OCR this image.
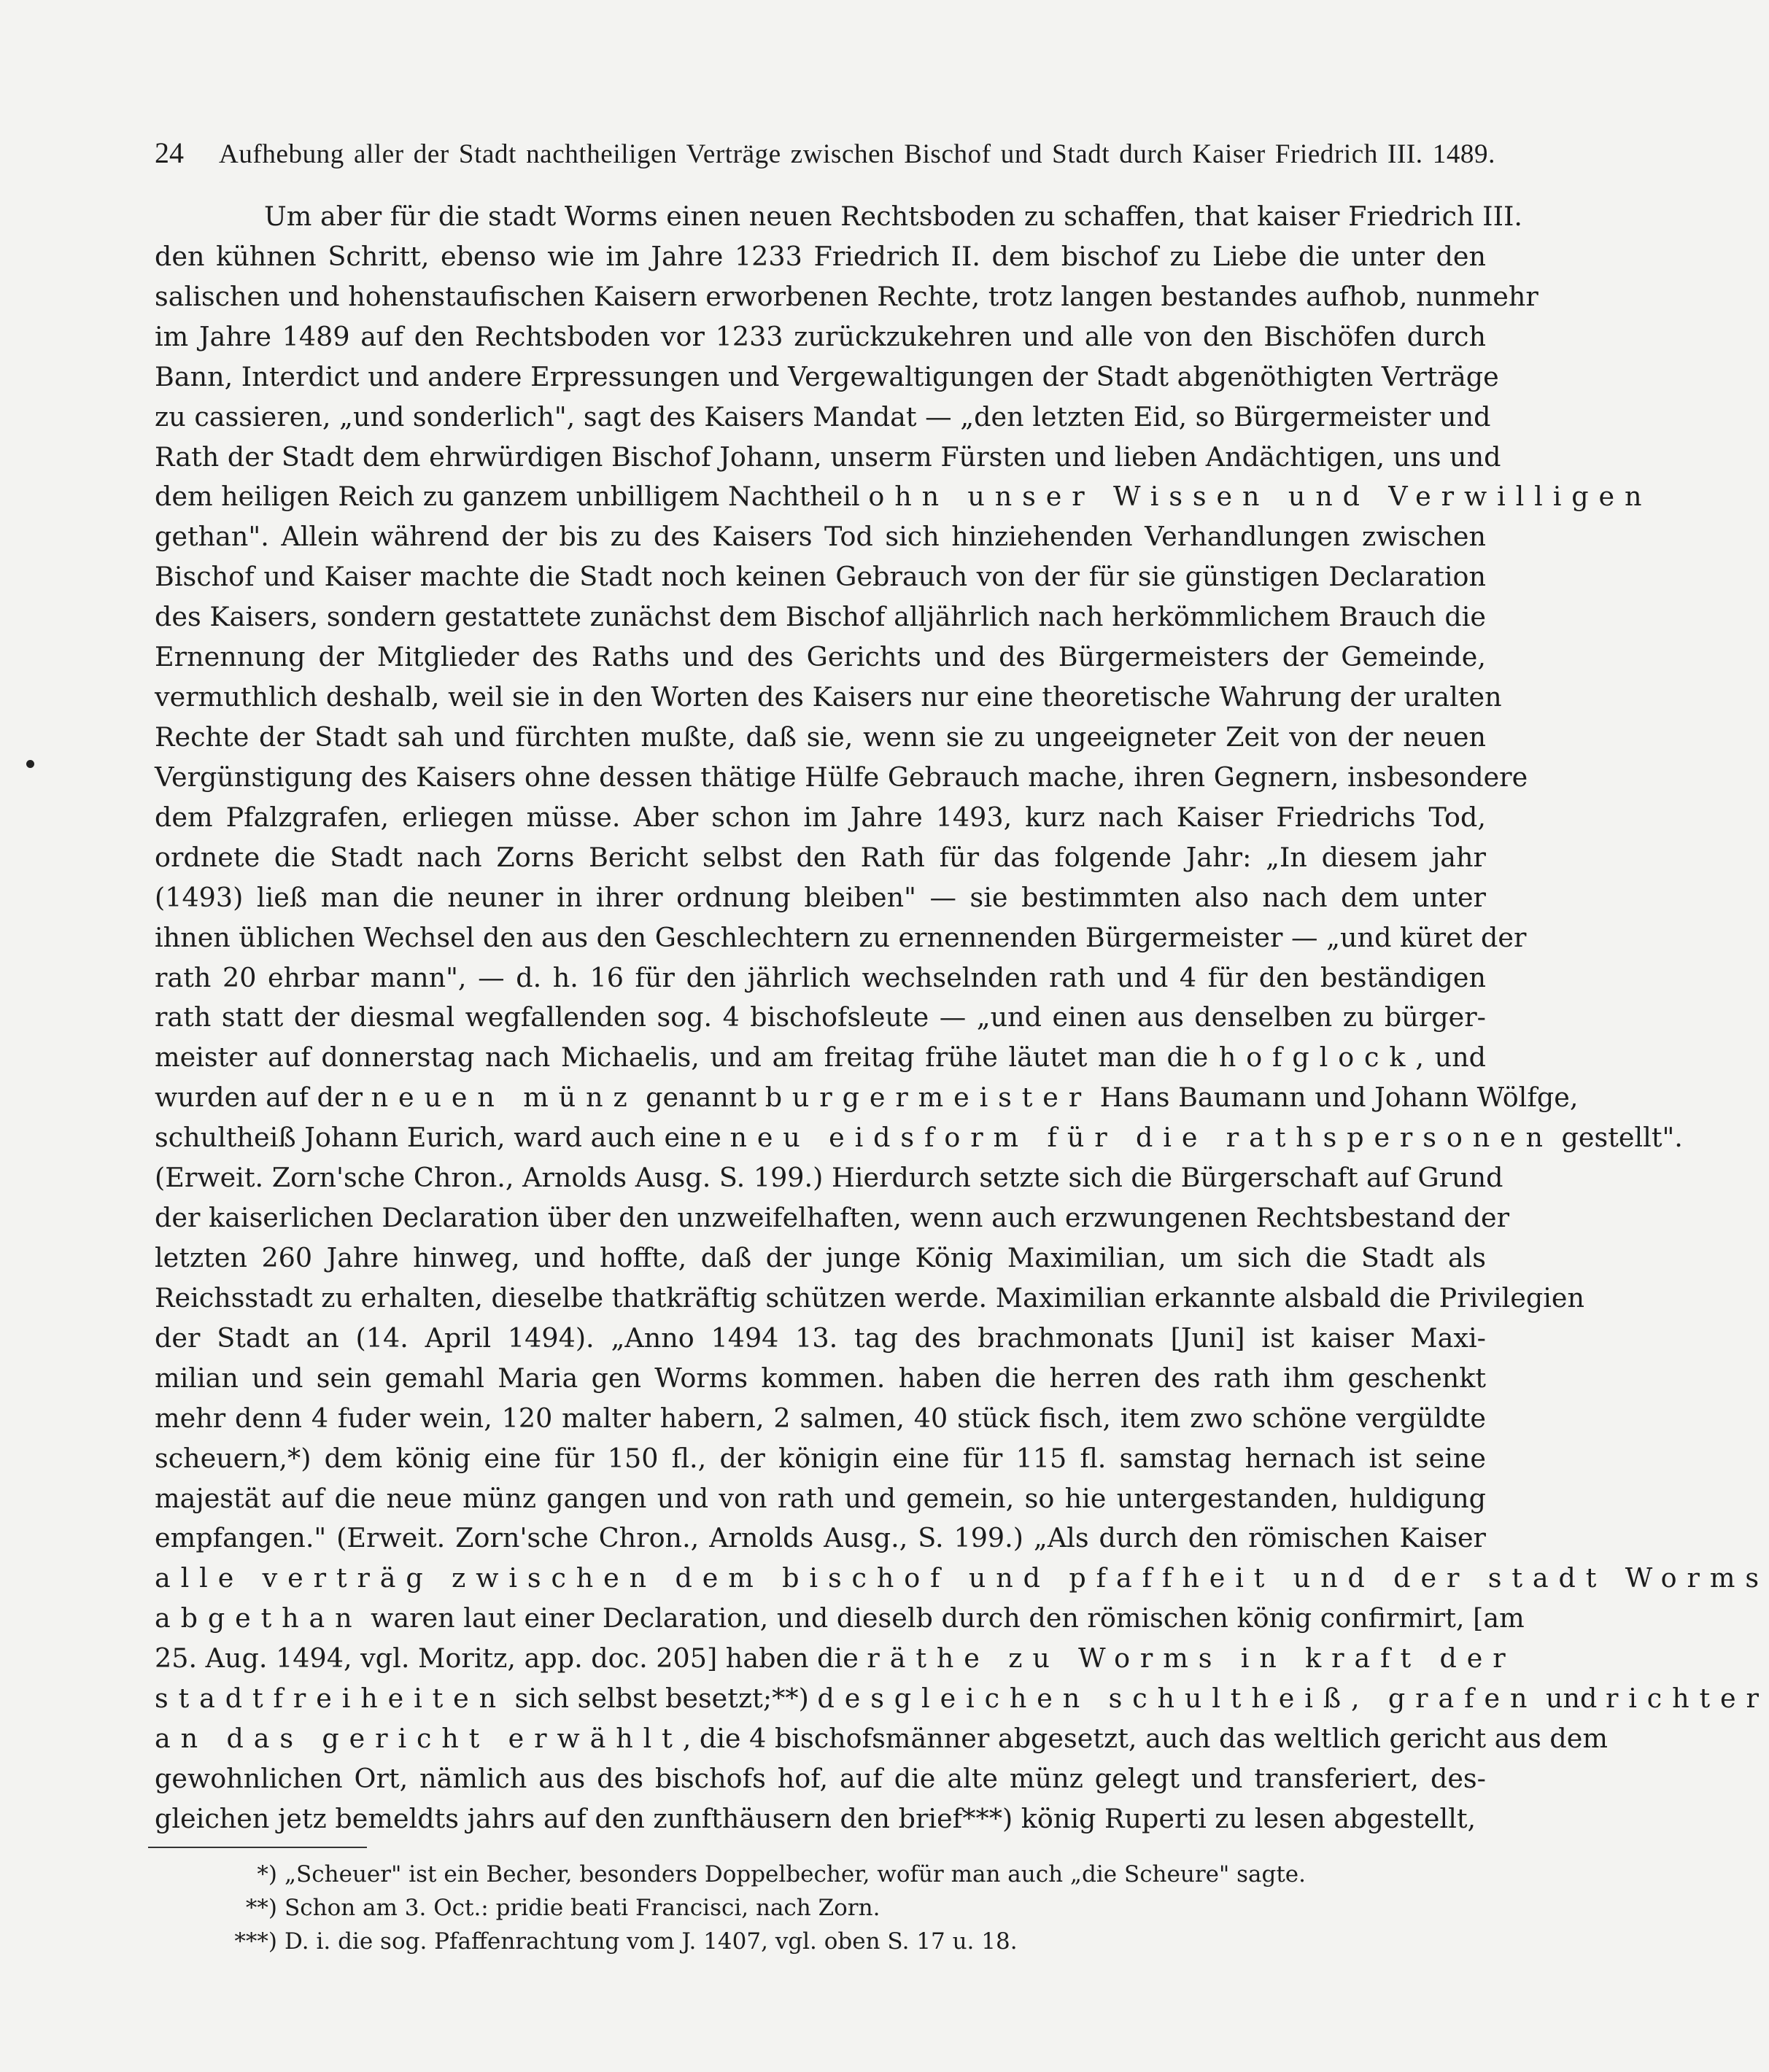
24	Aufhebung aller der Stadt nachtheiligen Verträge zwischen Bischof und Stadt durch Kaiser Friedrich III. 1489.
Um aber für die stadt Worms einen neuen Rechtsboden zu schaffen, that kaiser Friedrich III.
den kühnen Schritt, ebenso wie im Jahre 1233 Friedrich II. dem bischof zu Liebe die unter den
salischen und hohenstaufischen Kaisern erworbenen Rechte, trotz langen bestandes aufhob, nunmehr
im Jahre 1489 auf den Rechtsboden vor 1233 zurückzukehren und alle von den Bischöfen durch
Bann, Interdict und andere Erpressungen und Vergewaltigungen der Stadt abgenöthigten Verträge
zu cassieren, „und sonderlich", sagt des Kaisers Mandat — „den letzten Eid, so Bürgermeister und
Rath der Stadt dem ehrwürdigen Bischof Johann, unserm Fürsten und lieben Andächtigen, uns und
dem heiligen Reich zu ganzem unbilligem Nachtheil ohn unser Wissen und Verwilligen
gethan". Allein während der bis zu des Kaisers Tod sich hinziehenden Verhandlungen zwischen
Bischof und Kaiser machte die Stadt noch keinen Gebrauch von der für sie günstigen Declaration
des Kaisers, sondern gestattete zunächst dem Bischof alljährlich nach herkömmlichem Brauch die
Ernennung der Mitglieder des Raths und des Gerichts und des Bürgermeisters der Gemeinde,
vermuthlich deshalb, weil sie in den Worten des Kaisers nur eine theoretische Wahrung der uralten
Rechte der Stadt sah und fürchten mußte, daß sie, wenn sie zu ungeeigneter Zeit von der neuen
Vergünstigung des Kaisers ohne dessen thätige Hülfe Gebrauch mache, ihren Gegnern, insbesondere
dem Pfalzgrafen, erliegen müsse. Aber schon im Jahre 1493, kurz nach Kaiser Friedrichs Tod,
ordnete die Stadt nach Zorns Bericht selbst den Rath für das folgende Jahr: „In diesem jahr
(1493) ließ man die neuner in ihrer ordnung bleiben" — sie bestimmten also nach dem unter
ihnen üblichen Wechsel den aus den Geschlechtern zu ernennenden Bürgermeister — „und küret der
rath 20 ehrbar mann", — d. h. 16 für den jährlich wechselnden rath und 4 für den beständigen
rath statt der diesmal wegfallenden sog. 4 bischofsleute — „und einen aus denselben zu bürger-
meister auf donnerstag nach Michaelis, und am freitag frühe läutet man die hofglock, und
wurden auf der neuen münz genannt burgermeister Hans Baumann und Johann Wölfge,
schultheiß Johann Eurich, ward auch eine neu eidsform für die rathspersonen gestellt".
(Erweit. Zorn'sche Chron., Arnolds Ausg. S. 199.) Hierdurch setzte sich die Bürgerschaft auf Grund
der kaiserlichen Declaration über den unzweifelhaften, wenn auch erzwungenen Rechtsbestand der
letzten 260 Jahre hinweg, und hoffte, daß der junge König Maximilian, um sich die Stadt als
Reichsstadt zu erhalten, dieselbe thatkräftig schützen werde. Maximilian erkannte alsbald die Privilegien
der Stadt an (14. April 1494). „Anno 1494 13. tag des brachmonats [Juni] ist kaiser Maxi-
milian und sein gemahl Maria gen Worms kommen. haben die herren des rath ihm geschenkt
mehr denn 4 fuder wein, 120 malter habern, 2 salmen, 40 stück fisch, item zwo schöne vergüldte
scheuern,*) dem könig eine für 150 fl., der königin eine für 115 fl. samstag hernach ist seine
majestät auf die neue münz gangen und von rath und gemein, so hie untergestanden, huldigung
empfangen." (Erweit. Zorn'sche Chron., Arnolds Ausg., S. 199.) „Als durch den römischen Kaiser
alle verträg zwischen dem bischof und pfaffheit und der stadt Worms
abgethan waren laut einer Declaration, und dieselb durch den römischen könig confirmirt, [am
25. Aug. 1494, vgl. Moritz, app. doc. 205] haben die räthe zu Worms in kraft der
stadtfreiheiten sich selbst besetzt;**) desgleichen schultheiß, grafen und richter
an das gericht erwählt, die 4 bischofsmänner abgesetzt, auch das weltlich gericht aus dem
gewohnlichen Ort, nämlich aus des bischofs hof, auf die alte münz gelegt und transferiert, des-
gleichen jetz bemeldts jahrs auf den zunfthäusern den brief***) könig Ruperti zu lesen abgestellt,
*) „Scheuer" ist ein Becher, besonders Doppelbecher, wofür man auch „die Scheure" sagte.
**) Schon am 3. Oct.: pridie beati Francisci, nach Zorn.
***) D. i. die sog. Pfaffenrachtung vom J. 1407, vgl. oben S. 17 u. 18.
